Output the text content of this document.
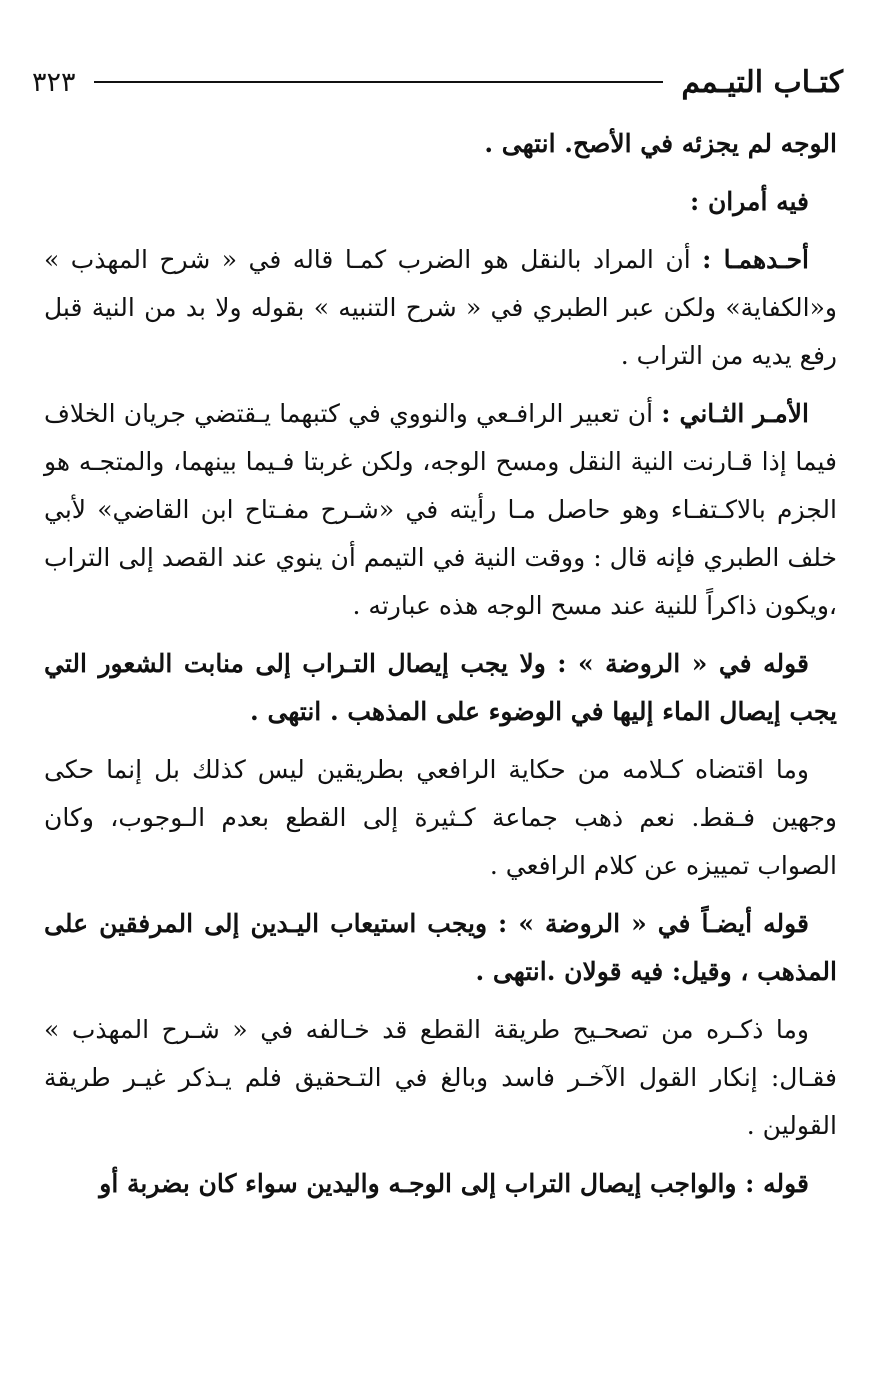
كتـاب التيـمم
٣٢٣

الوجه لم يجزئه في الأصح. انتهى .

فيه أمران :

أحـدهمـا : أن المراد بالنقل هو الضرب كمـا قاله في « شرح المهذب » و«الكفاية» ولكن عبر الطبري في « شرح التنبيه » بقوله ولا بد من النية قبل رفع يديه من التراب .

الأمـر الثـاني : أن تعبير الرافـعي والنووي في كتبهما يـقتضي جريان الخلاف فيما إذا قـارنت النية النقل ومسح الوجه، ولكن غربتا فـيما بينهما، والمتجـه هو الجزم بالاكـتفـاء وهو حاصل مـا رأيته في «شـرح مفـتاح ابن القاضي» لأبي خلف الطبري فإنه قال : ووقت النية في التيمم أن ينوي عند القصد إلى التراب ،ويكون ذاكراً للنية عند مسح الوجه هذه عبارته .

قوله في « الروضة » : ولا يجب إيصال التـراب إلى منابت الشعور التي يجب إيصال الماء إليها في الوضوء على المذهب . انتهى .

وما اقتضاه كـلامه من حكاية الرافعي بطريقين ليس كذلك بل إنما حكى وجهين فـقط. نعم ذهب جماعة كـثيرة إلى القطع بعدم الـوجوب، وكان الصواب تمييزه عن كلام الرافعي .

قوله أيضـاً في « الروضة » : ويجب استيعاب اليـدين إلى المرفقين على المذهب ، وقيل: فيه قولان .انتهى .

وما ذكـره من تصحـيح طريقة القطع قد خـالفه في « شـرح المهذب » فقـال: إنكار القول الآخـر فاسد وبالغ في التـحقيق فلم يـذكر غيـر طريقة القولين .

قوله : والواجب إيصال التراب إلى الوجـه واليدين سواء كان بضربة أو
